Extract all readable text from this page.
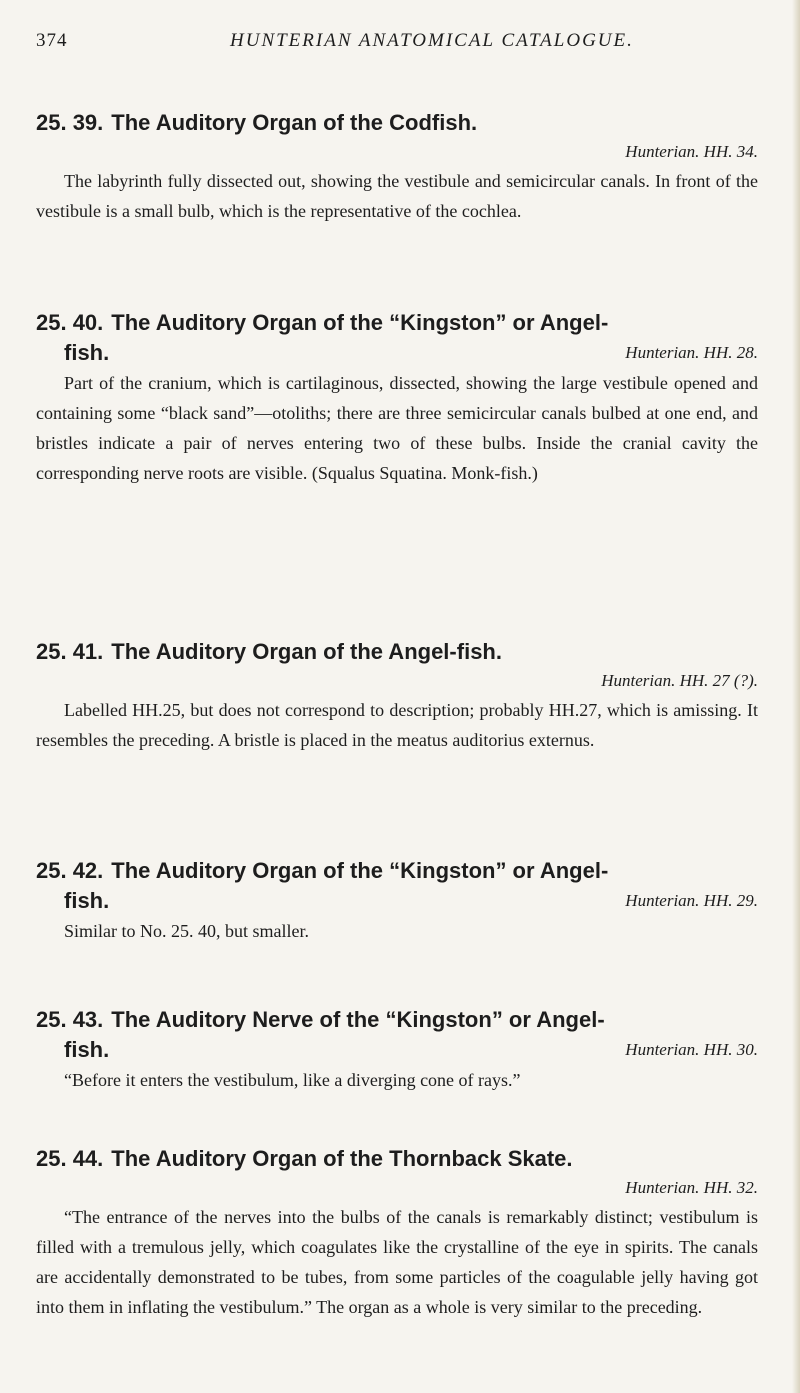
374	HUNTERIAN ANATOMICAL CATALOGUE.
25. 39. The Auditory Organ of the Codfish.
Hunterian. HH. 34.

The labyrinth fully dissected out, showing the vestibule and semicircular canals. In front of the vestibule is a small bulb, which is the representative of the cochlea.

25. 40. The Auditory Organ of the “Kingston” or Angel-
fish.	Hunterian. HH. 28.

Part of the cranium, which is cartilaginous, dissected, showing the large vestibule opened and containing some “black sand”—otoliths; there are three semicircular canals bulbed at one end, and bristles indicate a pair of nerves entering two of these bulbs. Inside the cranial cavity the corresponding nerve roots are visible. (Squalus Squatina. Monk-fish.)

25. 41. The Auditory Organ of the Angel-fish.
Hunterian. HH. 27 (?).

Labelled HH.25, but does not correspond to description; probably HH.27, which is amissing. It resembles the preceding. A bristle is placed in the meatus auditorius externus.

25. 42. The Auditory Organ of the “Kingston” or Angel-
fish.	Hunterian. HH. 29.

Similar to No. 25. 40, but smaller.

25. 43. The Auditory Nerve of the “Kingston” or Angel-
fish.	Hunterian. HH. 30.

“Before it enters the vestibulum, like a diverging cone of rays.”

25. 44. The Auditory Organ of the Thornback Skate.
Hunterian. HH. 32.

“The entrance of the nerves into the bulbs of the canals is remarkably distinct; vestibulum is filled with a tremulous jelly, which coagulates like the crystalline of the eye in spirits. The canals are accidentally demonstrated to be tubes, from some particles of the coagulable jelly having got into them in inflating the vestibulum.” The organ as a whole is very similar to the preceding.
